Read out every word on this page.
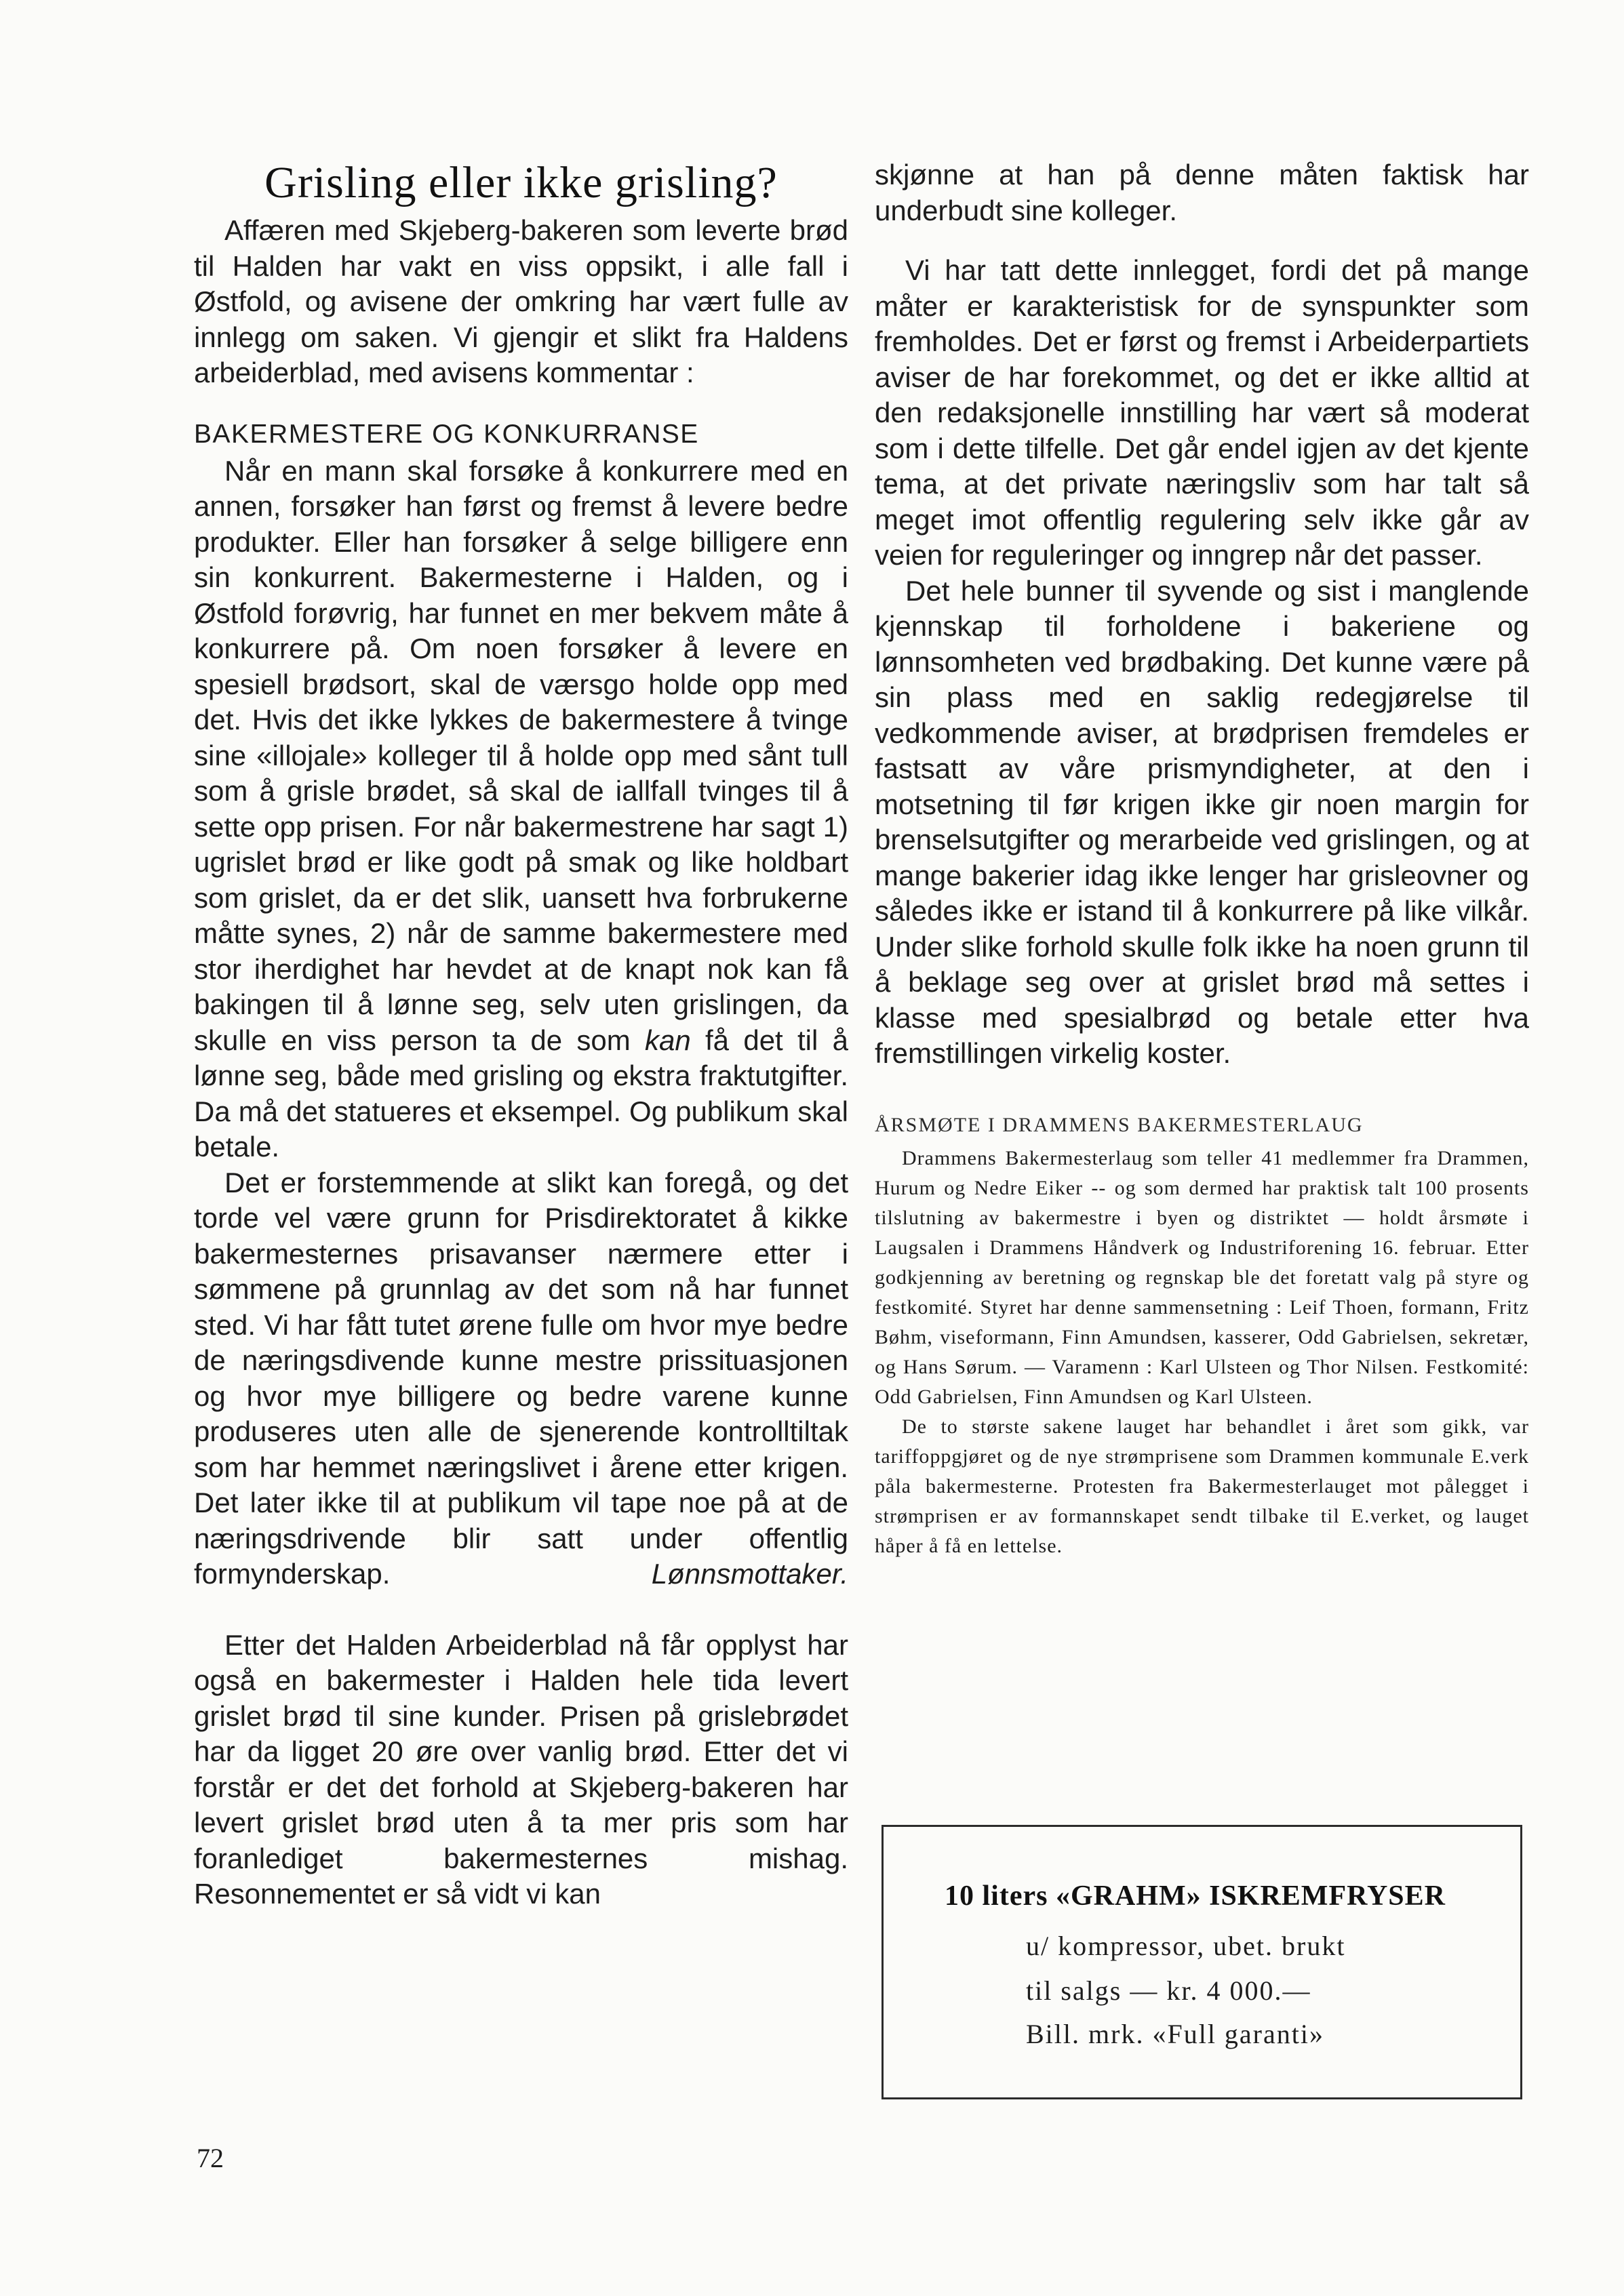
Grisling eller ikke grisling?

Affæren med Skjeberg-bakeren som leverte brød til Halden har vakt en viss oppsikt, i alle fall i Østfold, og avisene der omkring har vært fulle av innlegg om saken. Vi gjengir et slikt fra Haldens arbeiderblad, med avisens kommentar :

BAKERMESTERE OG KONKURRANSE

Når en mann skal forsøke å konkurrere med en annen, forsøker han først og fremst å levere bedre produkter. Eller han forsøker å selge billigere enn sin konkurrent. Bakermesterne i Halden, og i Østfold forøvrig, har funnet en mer bekvem måte å konkurrere på. Om noen forsøker å levere en spesiell brødsort, skal de værsgo holde opp med det. Hvis det ikke lykkes de bakermestere å tvinge sine «illojale» kolleger til å holde opp med sånt tull som å grisle brødet, så skal de iallfall tvinges til å sette opp prisen. For når bakermestrene har sagt 1) ugrislet brød er like godt på smak og like holdbart som grislet, da er det slik, uansett hva forbrukerne måtte synes, 2) når de samme bakermestere med stor iherdighet har hevdet at de knapt nok kan få bakingen til å lønne seg, selv uten grislingen, da skulle en viss person ta de som kan få det til å lønne seg, både med grisling og ekstra fraktutgifter. Da må det statueres et eksempel. Og publikum skal betale.

Det er forstemmende at slikt kan foregå, og det torde vel være grunn for Prisdirektoratet å kikke bakermesternes prisavanser nærmere etter i sømmene på grunnlag av det som nå har funnet sted. Vi har fått tutet ørene fulle om hvor mye bedre de næringsdivende kunne mestre prissituasjonen og hvor mye billigere og bedre varene kunne produseres uten alle de sjenerende kontrolltiltak som har hemmet næringslivet i årene etter krigen. Det later ikke til at publikum vil tape noe på at de næringsdrivende blir satt under offentlig formynderskap.	Lønnsmottaker.

Etter det Halden Arbeiderblad nå får opplyst har også en bakermester i Halden hele tida levert grislet brød til sine kunder. Prisen på grislebrødet har da ligget 20 øre over vanlig brød. Etter det vi forstår er det det forhold at Skjeberg-bakeren har levert grislet brød uten å ta mer pris som har foranlediget bakermesternes mishag. Resonnementet er så vidt vi kan

skjønne at han på denne måten faktisk har underbudt sine kolleger.

Vi har tatt dette innlegget, fordi det på mange måter er karakteristisk for de synspunkter som fremholdes. Det er først og fremst i Arbeiderpartiets aviser de har forekommet, og det er ikke alltid at den redaksjonelle innstilling har vært så moderat som i dette tilfelle. Det går endel igjen av det kjente tema, at det private næringsliv som har talt så meget imot offentlig regulering selv ikke går av veien for reguleringer og inngrep når det passer.

Det hele bunner til syvende og sist i manglende kjennskap til forholdene i bakeriene og lønnsomheten ved brødbaking. Det kunne være på sin plass med en saklig redegjørelse til vedkommende aviser, at brødprisen fremdeles er fastsatt av våre prismyndigheter, at den i motsetning til før krigen ikke gir noen margin for brenselsutgifter og merarbeide ved grislingen, og at mange bakerier idag ikke lenger har grisleovner og således ikke er istand til å konkurrere på like vilkår. Under slike forhold skulle folk ikke ha noen grunn til å beklage seg over at grislet brød må settes i klasse med spesialbrød og betale etter hva fremstillingen virkelig koster.

ÅRSMØTE I DRAMMENS BAKERMESTERLAUG

Drammens Bakermesterlaug som teller 41 medlemmer fra Drammen, Hurum og Nedre Eiker -- og som dermed har praktisk talt 100 prosents tilslutning av bakermestre i byen og distriktet — holdt årsmøte i Laugsalen i Drammens Håndverk og Industriforening 16. februar. Etter godkjenning av beretning og regnskap ble det foretatt valg på styre og festkomité. Styret har denne sammensetning : Leif Thoen, formann, Fritz Bøhm, viseformann, Finn Amundsen, kasserer, Odd Gabrielsen, sekretær, og Hans Sørum. — Varamenn : Karl Ulsteen og Thor Nilsen. Festkomité: Odd Gabrielsen, Finn Amundsen og Karl Ulsteen.

De to største sakene lauget har behandlet i året som gikk, var tariffoppgjøret og de nye strømprisene som Drammen kommunale E.verk påla bakermesterne. Protesten fra Bakermesterlauget mot pålegget i strømprisen er av formannskapet sendt tilbake til E.verket, og lauget håper å få en lettelse.

10 liters «GRAHM» ISKREMFRYSER
u/ kompressor, ubet. brukt
til salgs — kr. 4 000.—
Bill. mrk. «Full garanti»
72
